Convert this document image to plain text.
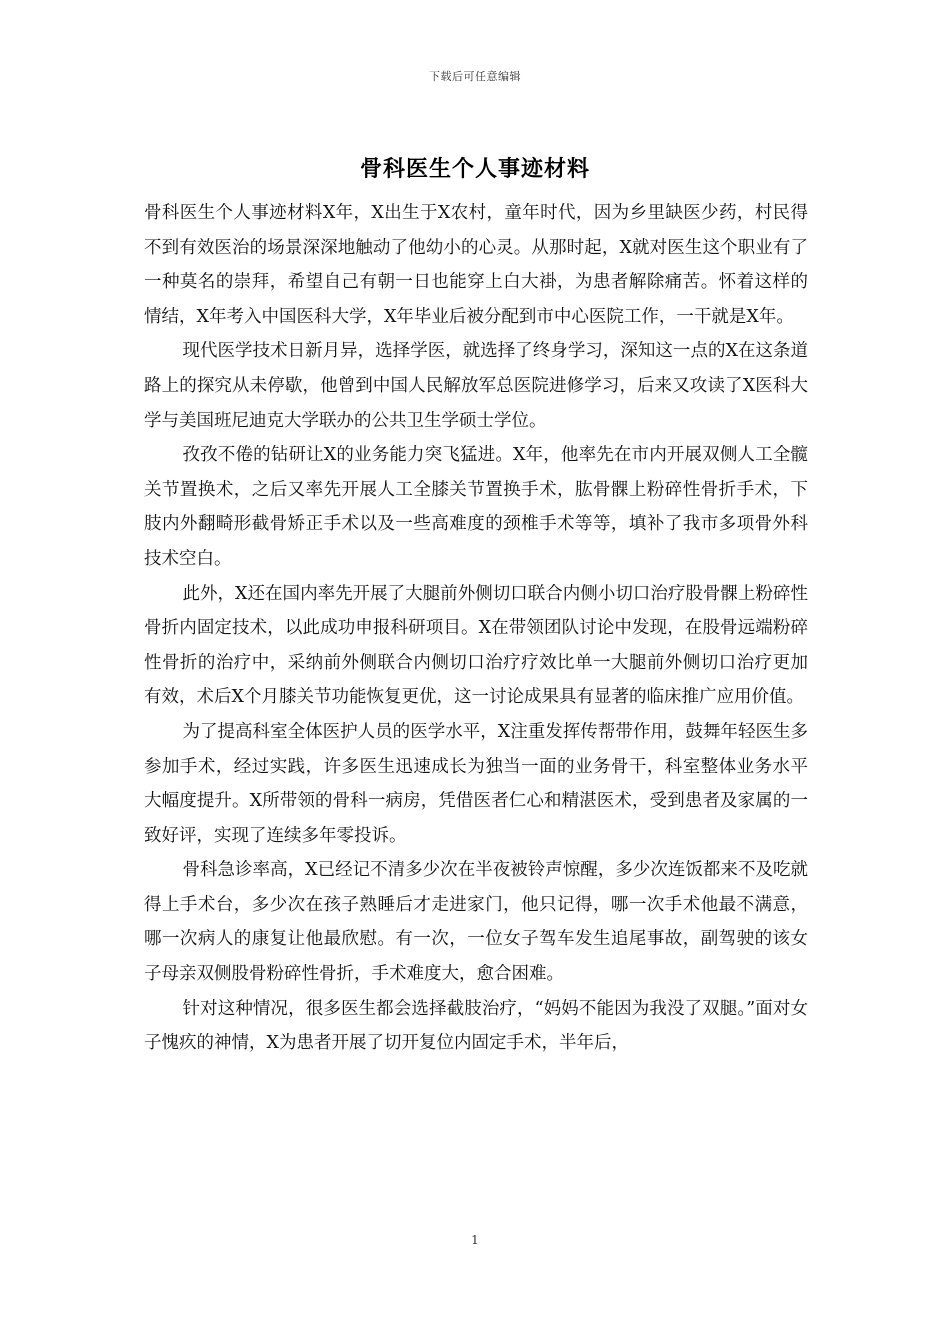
下载后可任意编辑
骨科医生个人事迹材料

骨科医生个人事迹材料X年，X出生于X农村，童年时代，因为乡里缺医少药，村民得不到有效医治的场景深深地触动了他幼小的心灵。从那时起，X就对医生这个职业有了一种莫名的崇拜，希望自己有朝一日也能穿上白大褂，为患者解除痛苦。怀着这样的情结，X年考入中国医科大学，X年毕业后被分配到市中心医院工作，一干就是X年。

现代医学技术日新月异，选择学医，就选择了终身学习，深知这一点的X在这条道路上的探究从未停歇，他曾到中国人民解放军总医院进修学习，后来又攻读了X医科大学与美国班尼迪克大学联办的公共卫生学硕士学位。

孜孜不倦的钻研让X的业务能力突飞猛进。X年，他率先在市内开展双侧人工全髋关节置换术，之后又率先开展人工全膝关节置换手术，肱骨髁上粉碎性骨折手术，下肢内外翻畸形截骨矫正手术以及一些高难度的颈椎手术等等，填补了我市多项骨外科技术空白。

此外，X还在国内率先开展了大腿前外侧切口联合内侧小切口治疗股骨髁上粉碎性骨折内固定技术，以此成功申报科研项目。X在带领团队讨论中发现，在股骨远端粉碎性骨折的治疗中，采纳前外侧联合内侧切口治疗疗效比单一大腿前外侧切口治疗更加有效，术后X个月膝关节功能恢复更优，这一讨论成果具有显著的临床推广应用价值。

为了提高科室全体医护人员的医学水平，X注重发挥传帮带作用，鼓舞年轻医生多参加手术，经过实践，许多医生迅速成长为独当一面的业务骨干，科室整体业务水平大幅度提升。X所带领的骨科一病房，凭借医者仁心和精湛医术，受到患者及家属的一致好评，实现了连续多年零投诉。

骨科急诊率高，X已经记不清多少次在半夜被铃声惊醒，多少次连饭都来不及吃就得上手术台，多少次在孩子熟睡后才走进家门，他只记得，哪一次手术他最不满意，哪一次病人的康复让他最欣慰。有一次，一位女子驾车发生追尾事故，副驾驶的该女子母亲双侧股骨粉碎性骨折，手术难度大，愈合困难。

针对这种情况，很多医生都会选择截肢治疗，“妈妈不能因为我没了双腿。”面对女子愧疚的神情，X为患者开展了切开复位内固定手术，半年后，

1
